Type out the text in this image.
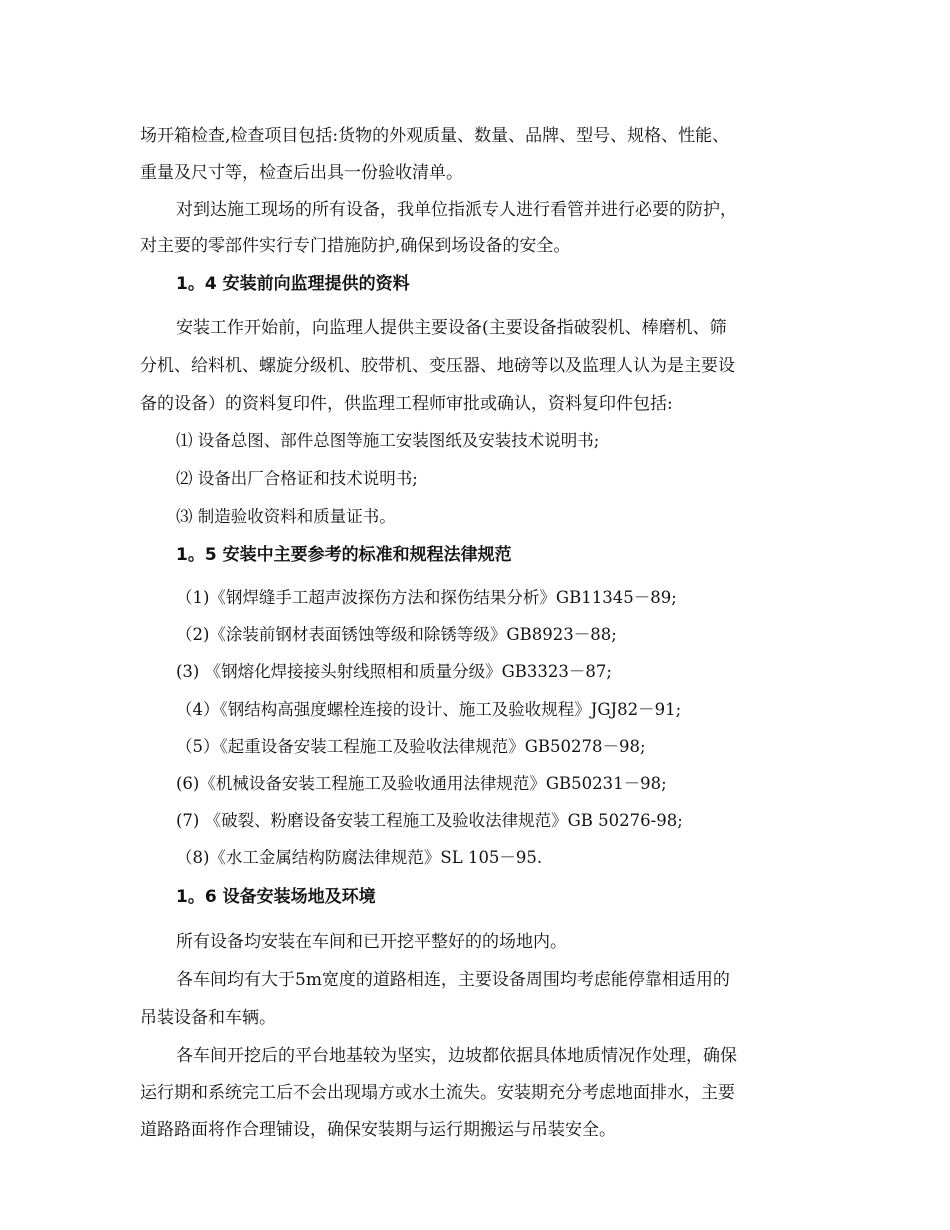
场开箱检查,检查项目包括:货物的外观质量、数量、品牌、型号、规格、性能、
重量及尺寸等，检查后出具一份验收清单。
对到达施工现场的所有设备，我单位指派专人进行看管并进行必要的防护，
对主要的零部件实行专门措施防护,确保到场设备的安全。
1。4 安装前向监理提供的资料
安装工作开始前，向监理人提供主要设备(主要设备指破裂机、棒磨机、筛
分机、给料机、螺旋分级机、胶带机、变压器、地磅等以及监理人认为是主要设
备的设备）的资料复印件，供监理工程师审批或确认，资料复印件包括:
⑴ 设备总图、部件总图等施工安装图纸及安装技术说明书;
⑵ 设备出厂合格证和技术说明书;
⑶ 制造验收资料和质量证书。
1。5 安装中主要参考的标准和规程法律规范
（1)《钢焊缝手工超声波探伤方法和探伤结果分析》GB11345－89;
（2)《涂装前钢材表面锈蚀等级和除锈等级》GB8923－88;
(3) 《钢熔化焊接接头射线照相和质量分级》GB3323－87;
（4）《钢结构高强度螺栓连接的设计、施工及验收规程》JGJ82－91;
（5）《起重设备安装工程施工及验收法律规范》GB50278－98;
(6)《机械设备安装工程施工及验收通用法律规范》GB50231－98;
(7) 《破裂、粉磨设备安装工程施工及验收法律规范》GB 50276-98;
（8)《水工金属结构防腐法律规范》SL 105－95.
1。6 设备安装场地及环境
所有设备均安装在车间和已开挖平整好的的场地内。
各车间均有大于5m宽度的道路相连，主要设备周围均考虑能停靠相适用的
吊装设备和车辆。
各车间开挖后的平台地基较为坚实，边坡都依据具体地质情况作处理，确保
运行期和系统完工后不会出现塌方或水土流失。安装期充分考虑地面排水，主要
道路路面将作合理铺设，确保安装期与运行期搬运与吊装安全。
